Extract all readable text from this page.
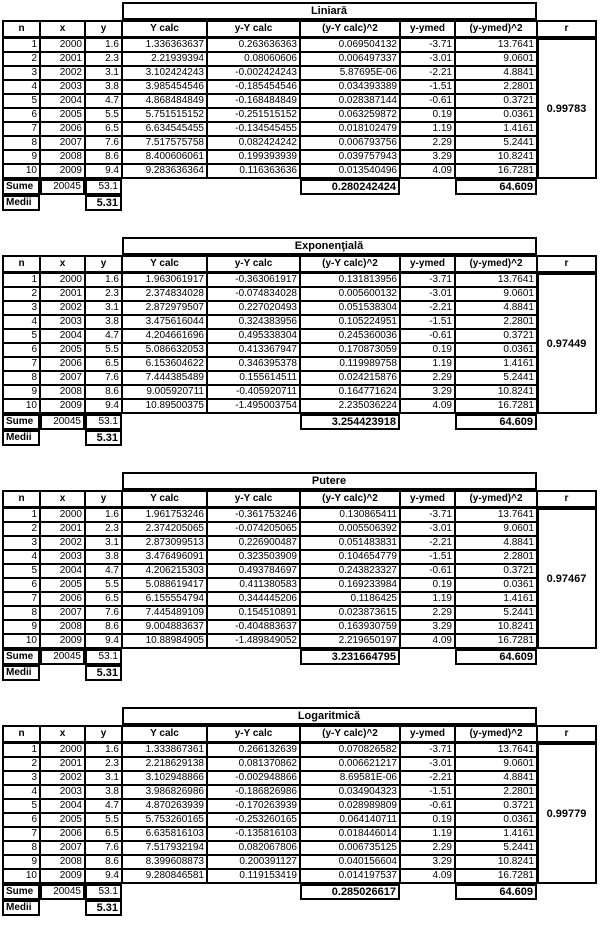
			Liniară					
n	x	y	Y calc	y-Y calc	(y-Y calc)^2	y-ymed	(y-ymed)^2	r
1	2000	1.6	1.336363637	0.263636363	0.069504132	-3.71	13.7641	0.99783
2	2001	2.3	2.21939394	0.08060606	0.006497337	-3.01	9.0601	
3	2002	3.1	3.102424243	-0.002424243	5.87695E-06	-2.21	4.8841	
4	2003	3.8	3.985454546	-0.185454546	0.034393389	-1.51	2.2801	
5	2004	4.7	4.868484849	-0.168484849	0.028387144	-0.61	0.3721	
6	2005	5.5	5.751515152	-0.251515152	0.063259872	0.19	0.0361	
7	2006	6.5	6.634545455	-0.134545455	0.018102479	1.19	1.4161	
8	2007	7.6	7.517575758	0.082424242	0.006793756	2.29	5.2441	
9	2008	8.6	8.400606061	0.199393939	0.039757943	3.29	10.8241	
10	2009	9.4	9.283636364	0.116363636	0.013540496	4.09	16.7281	
Sume	20045	53.1			0.280242424		64.609	
Medii		5.31						
			Exponenţială					
n	x	y	Y calc	y-Y calc	(y-Y calc)^2	y-ymed	(y-ymed)^2	r
1	2000	1.6	1.963061917	-0.363061917	0.131813956	-3.71	13.7641	0.97449
2	2001	2.3	2.374834028	-0.074834028	0.005600132	-3.01	9.0601	
3	2002	3.1	2.872979507	0.227020493	0.051538304	-2.21	4.8841	
4	2003	3.8	3.475616044	0.324383956	0.105224951	-1.51	2.2801	
5	2004	4.7	4.204661696	0.495338304	0.245360036	-0.61	0.3721	
6	2005	5.5	5.086632053	0.413367947	0.170873059	0.19	0.0361	
7	2006	6.5	6.153604622	0.346395378	0.119989758	1.19	1.4161	
8	2007	7.6	7.444385489	0.155614511	0.024215876	2.29	5.2441	
9	2008	8.6	9.005920711	-0.405920711	0.164771624	3.29	10.8241	
10	2009	9.4	10.89500375	-1.495003754	2.235036224	4.09	16.7281	
Sume	20045	53.1			3.254423918		64.609	
Medii		5.31						
			Putere					
n	x	y	Y calc	y-Y calc	(y-Y calc)^2	y-ymed	(y-ymed)^2	r
1	2000	1.6	1.961753246	-0.361753246	0.130865411	-3.71	13.7641	0.97467
2	2001	2.3	2.374205065	-0.074205065	0.005506392	-3.01	9.0601	
3	2002	3.1	2.873099513	0.226900487	0.051483831	-2.21	4.8841	
4	2003	3.8	3.476496091	0.323503909	0.104654779	-1.51	2.2801	
5	2004	4.7	4.206215303	0.493784697	0.243823327	-0.61	0.3721	
6	2005	5.5	5.088619417	0.411380583	0.169233984	0.19	0.0361	
7	2006	6.5	6.155554794	0.344445206	0.1186425	1.19	1.4161	
8	2007	7.6	7.445489109	0.154510891	0.023873615	2.29	5.2441	
9	2008	8.6	9.004883637	-0.404883637	0.163930759	3.29	10.8241	
10	2009	9.4	10.88984905	-1.489849052	2.219650197	4.09	16.7281	
Sume	20045	53.1			3.231664795		64.609	
Medii		5.31						
			Logaritmică					
n	x	y	Y calc	y-Y calc	(y-Y calc)^2	y-ymed	(y-ymed)^2	r
1	2000	1.6	1.333867361	0.266132639	0.070826582	-3.71	13.7641	0.99779
2	2001	2.3	2.218629138	0.081370862	0.006621217	-3.01	9.0601	
3	2002	3.1	3.102948866	-0.002948866	8.69581E-06	-2.21	4.8841	
4	2003	3.8	3.986826986	-0.186826986	0.034904323	-1.51	2.2801	
5	2004	4.7	4.870263939	-0.170263939	0.028989809	-0.61	0.3721	
6	2005	5.5	5.753260165	-0.253260165	0.064140711	0.19	0.0361	
7	2006	6.5	6.635816103	-0.135816103	0.018446014	1.19	1.4161	
8	2007	7.6	7.517932194	0.082067806	0.006735125	2.29	5.2441	
9	2008	8.6	8.399608873	0.200391127	0.040156604	3.29	10.8241	
10	2009	9.4	9.280846581	0.119153419	0.014197537	4.09	16.7281	
Sume	20045	53.1			0.285026617		64.609	
Medii		5.31						
